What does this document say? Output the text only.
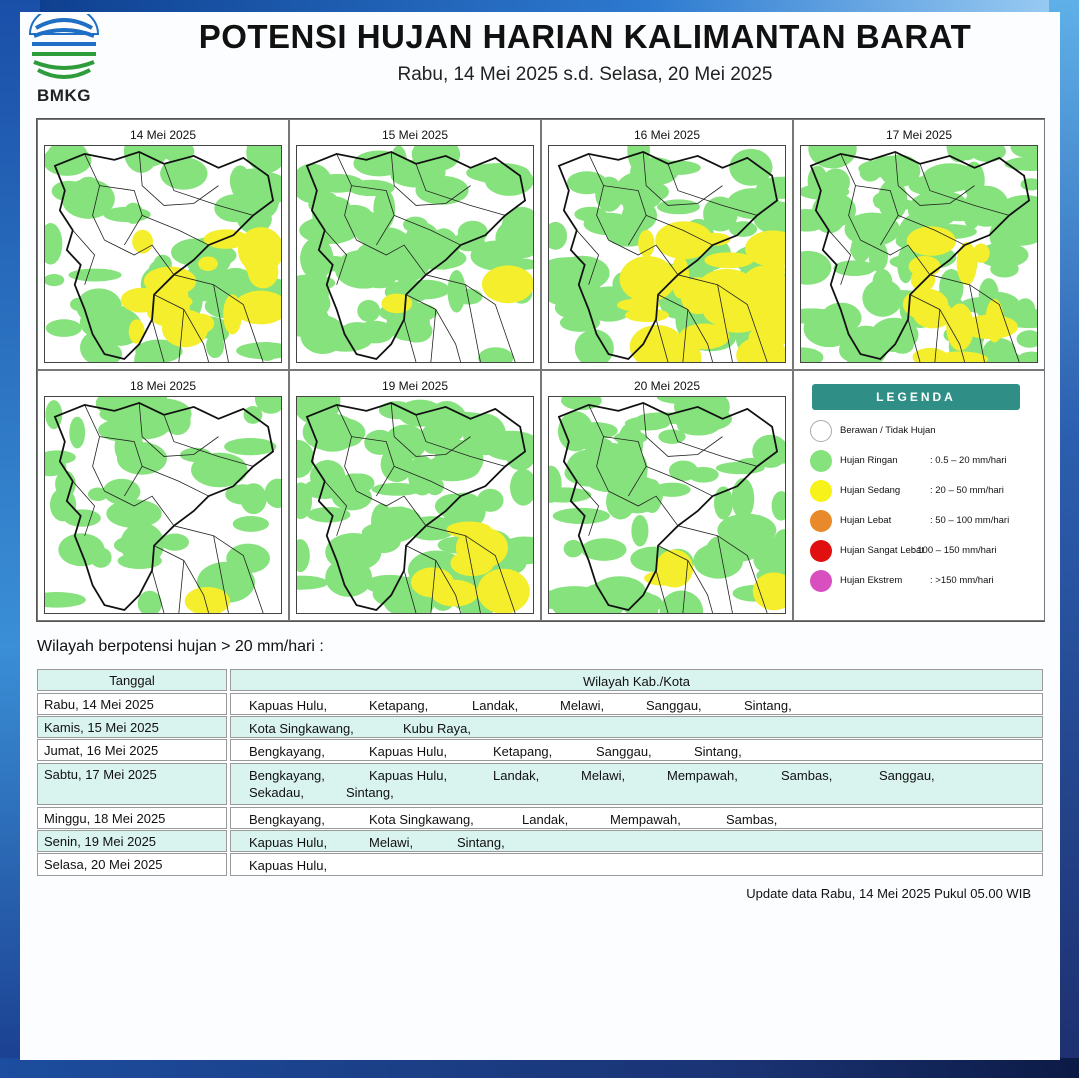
BMKG
POTENSI HUJAN HARIAN KALIMANTAN BARAT
Rabu, 14 Mei 2025 s.d. Selasa, 20 Mei 2025
14 Mei 2025	15 Mei 2025	16 Mei 2025	17 Mei 2025
18 Mei 2025	19 Mei 2025	20 Mei 2025
LEGENDA
Berawan / Tidak Hujan
Hujan Ringan	: 0.5 – 20 mm/hari
Hujan Sedang	: 20 – 50 mm/hari
Hujan Lebat	: 50 – 100 mm/hari
Hujan Sangat Lebat
: 100 – 150 mm/hari
Hujan Ekstrem	: >150 mm/hari
Wilayah berpotensi hujan > 20 mm/hari :
Tanggal	Wilayah Kab./Kota
Rabu, 14 Mei 2025	Kapuas Hulu,	Ketapang,	Landak,	Melawi,	Sanggau,	Sintang,
Kamis, 15 Mei 2025	Kota Singkawang,	Kubu Raya,
Jumat, 16 Mei 2025	Bengkayang,	Kapuas Hulu,	Ketapang,	Sanggau,	Sintang,
Sabtu, 17 Mei 2025	Bengkayang,	Kapuas Hulu,	Landak,	Melawi,	Mempawah,	Sambas,	Sanggau,
Sekadau,	Sintang,
Minggu, 18 Mei 2025	Bengkayang,	Kota Singkawang,	Landak,	Mempawah,	Sambas,
Senin, 19 Mei 2025	Kapuas Hulu,	Melawi,	Sintang,
Selasa, 20 Mei 2025	Kapuas Hulu,
Update data Rabu, 14 Mei 2025 Pukul 05.00 WIB
